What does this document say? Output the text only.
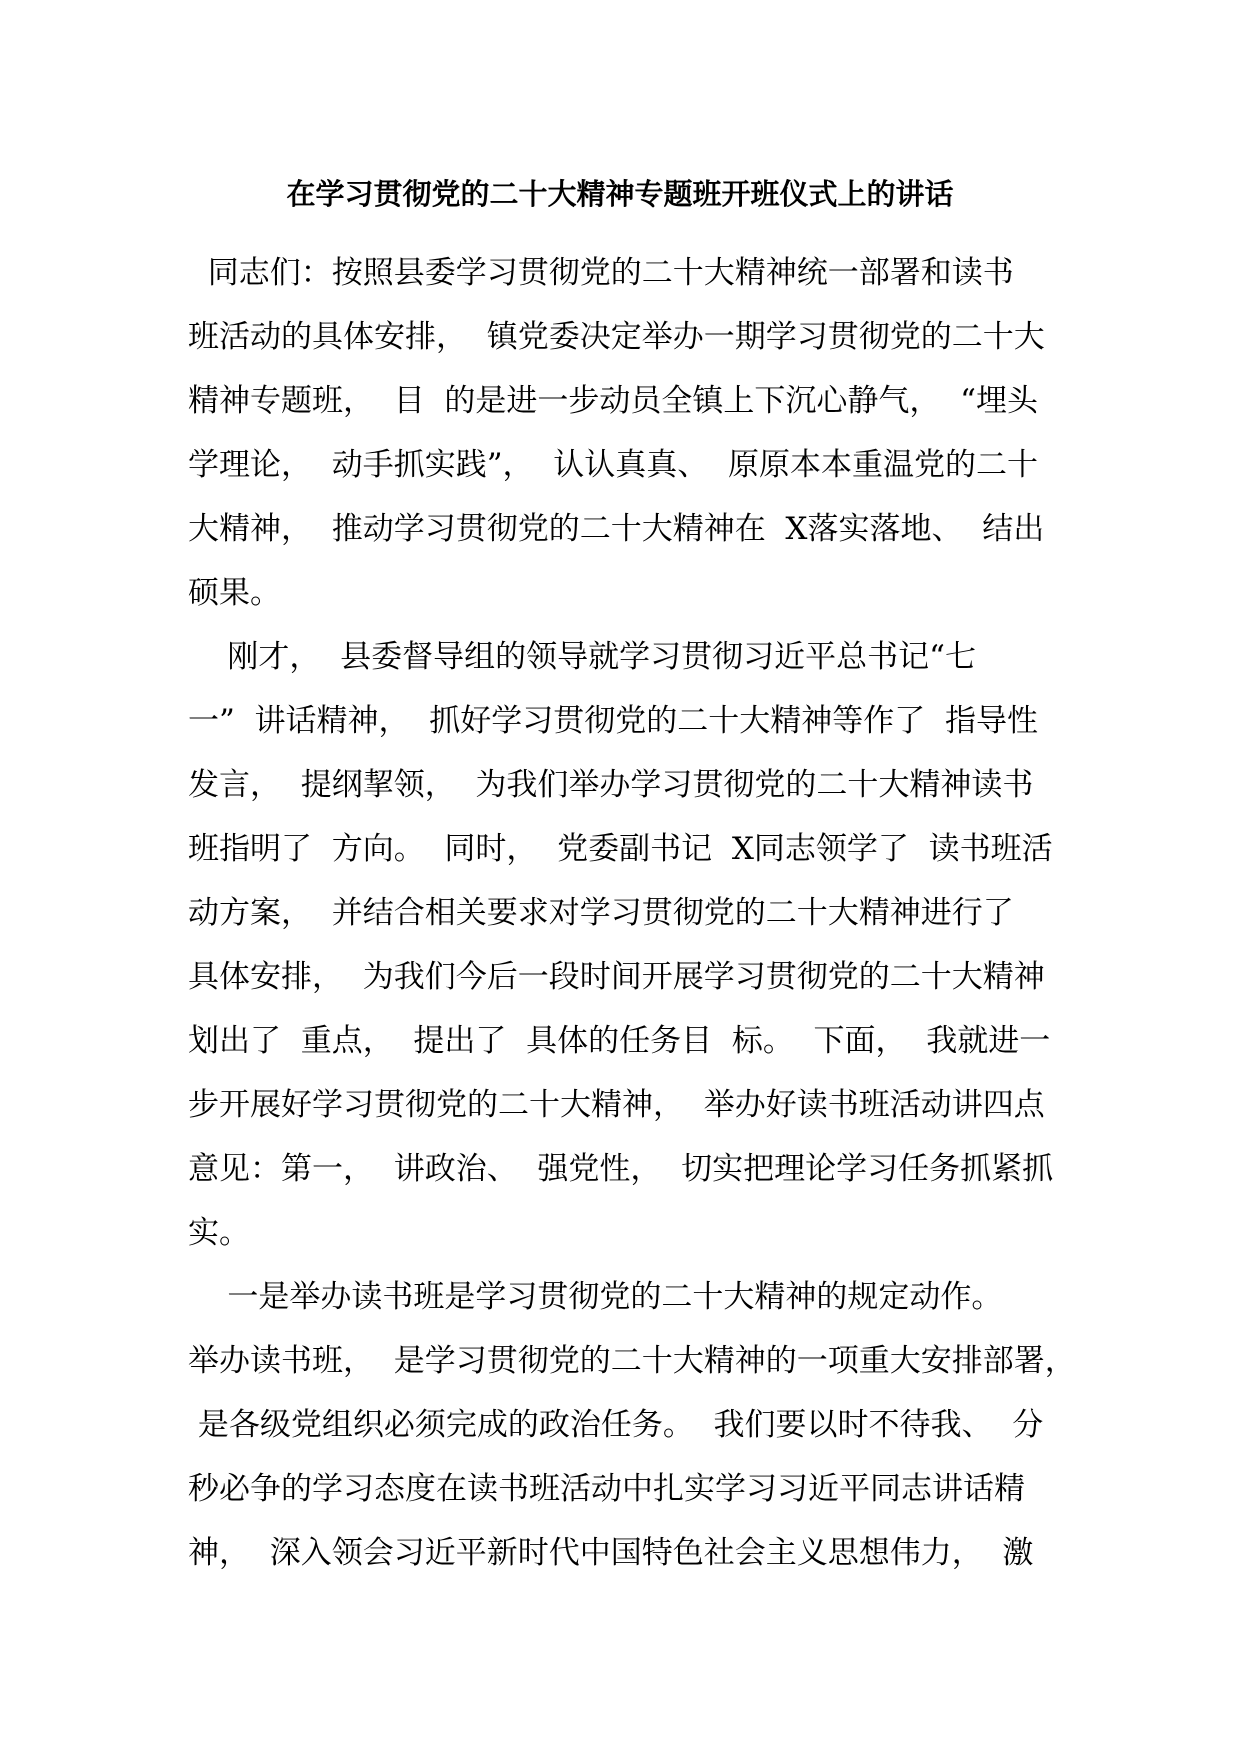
在学习贯彻党的二十大精神专题班开班仪式上的讲话
同志们：按照县委学习贯彻党的二十大精神统一部署和读书
班活动的具体安排，  镇党委决定举办一期学习贯彻党的二十大
精神专题班，  目  的是进一步动员全镇上下沉心静气，  “埋头
学理论，  动手抓实践”，  认认真真、  原原本本重温党的二十
大精神，  推动学习贯彻党的二十大精神在  X落实落地、  结出
硕果。
刚才，  县委督导组的领导就学习贯彻习近平总书记“七
一”  讲话精神，  抓好学习贯彻党的二十大精神等作了  指导性
发言，  提纲挈领，  为我们举办学习贯彻党的二十大精神读书
班指明了  方向。  同时，  党委副书记  X同志领学了  读书班活
动方案，  并结合相关要求对学习贯彻党的二十大精神进行了
具体安排，  为我们今后一段时间开展学习贯彻党的二十大精神
划出了  重点，  提出了  具体的任务目  标。  下面，  我就进一
步开展好学习贯彻党的二十大精神，  举办好读书班活动讲四点
意见：第一，  讲政治、  强党性，  切实把理论学习任务抓紧抓
实。
一是举办读书班是学习贯彻党的二十大精神的规定动作。
举办读书班，  是学习贯彻党的二十大精神的一项重大安排部署，
是各级党组织必须完成的政治任务。  我们要以时不待我、  分
秒必争的学习态度在读书班活动中扎实学习习近平同志讲话精
神，  深入领会习近平新时代中国特色社会主义思想伟力，  激
